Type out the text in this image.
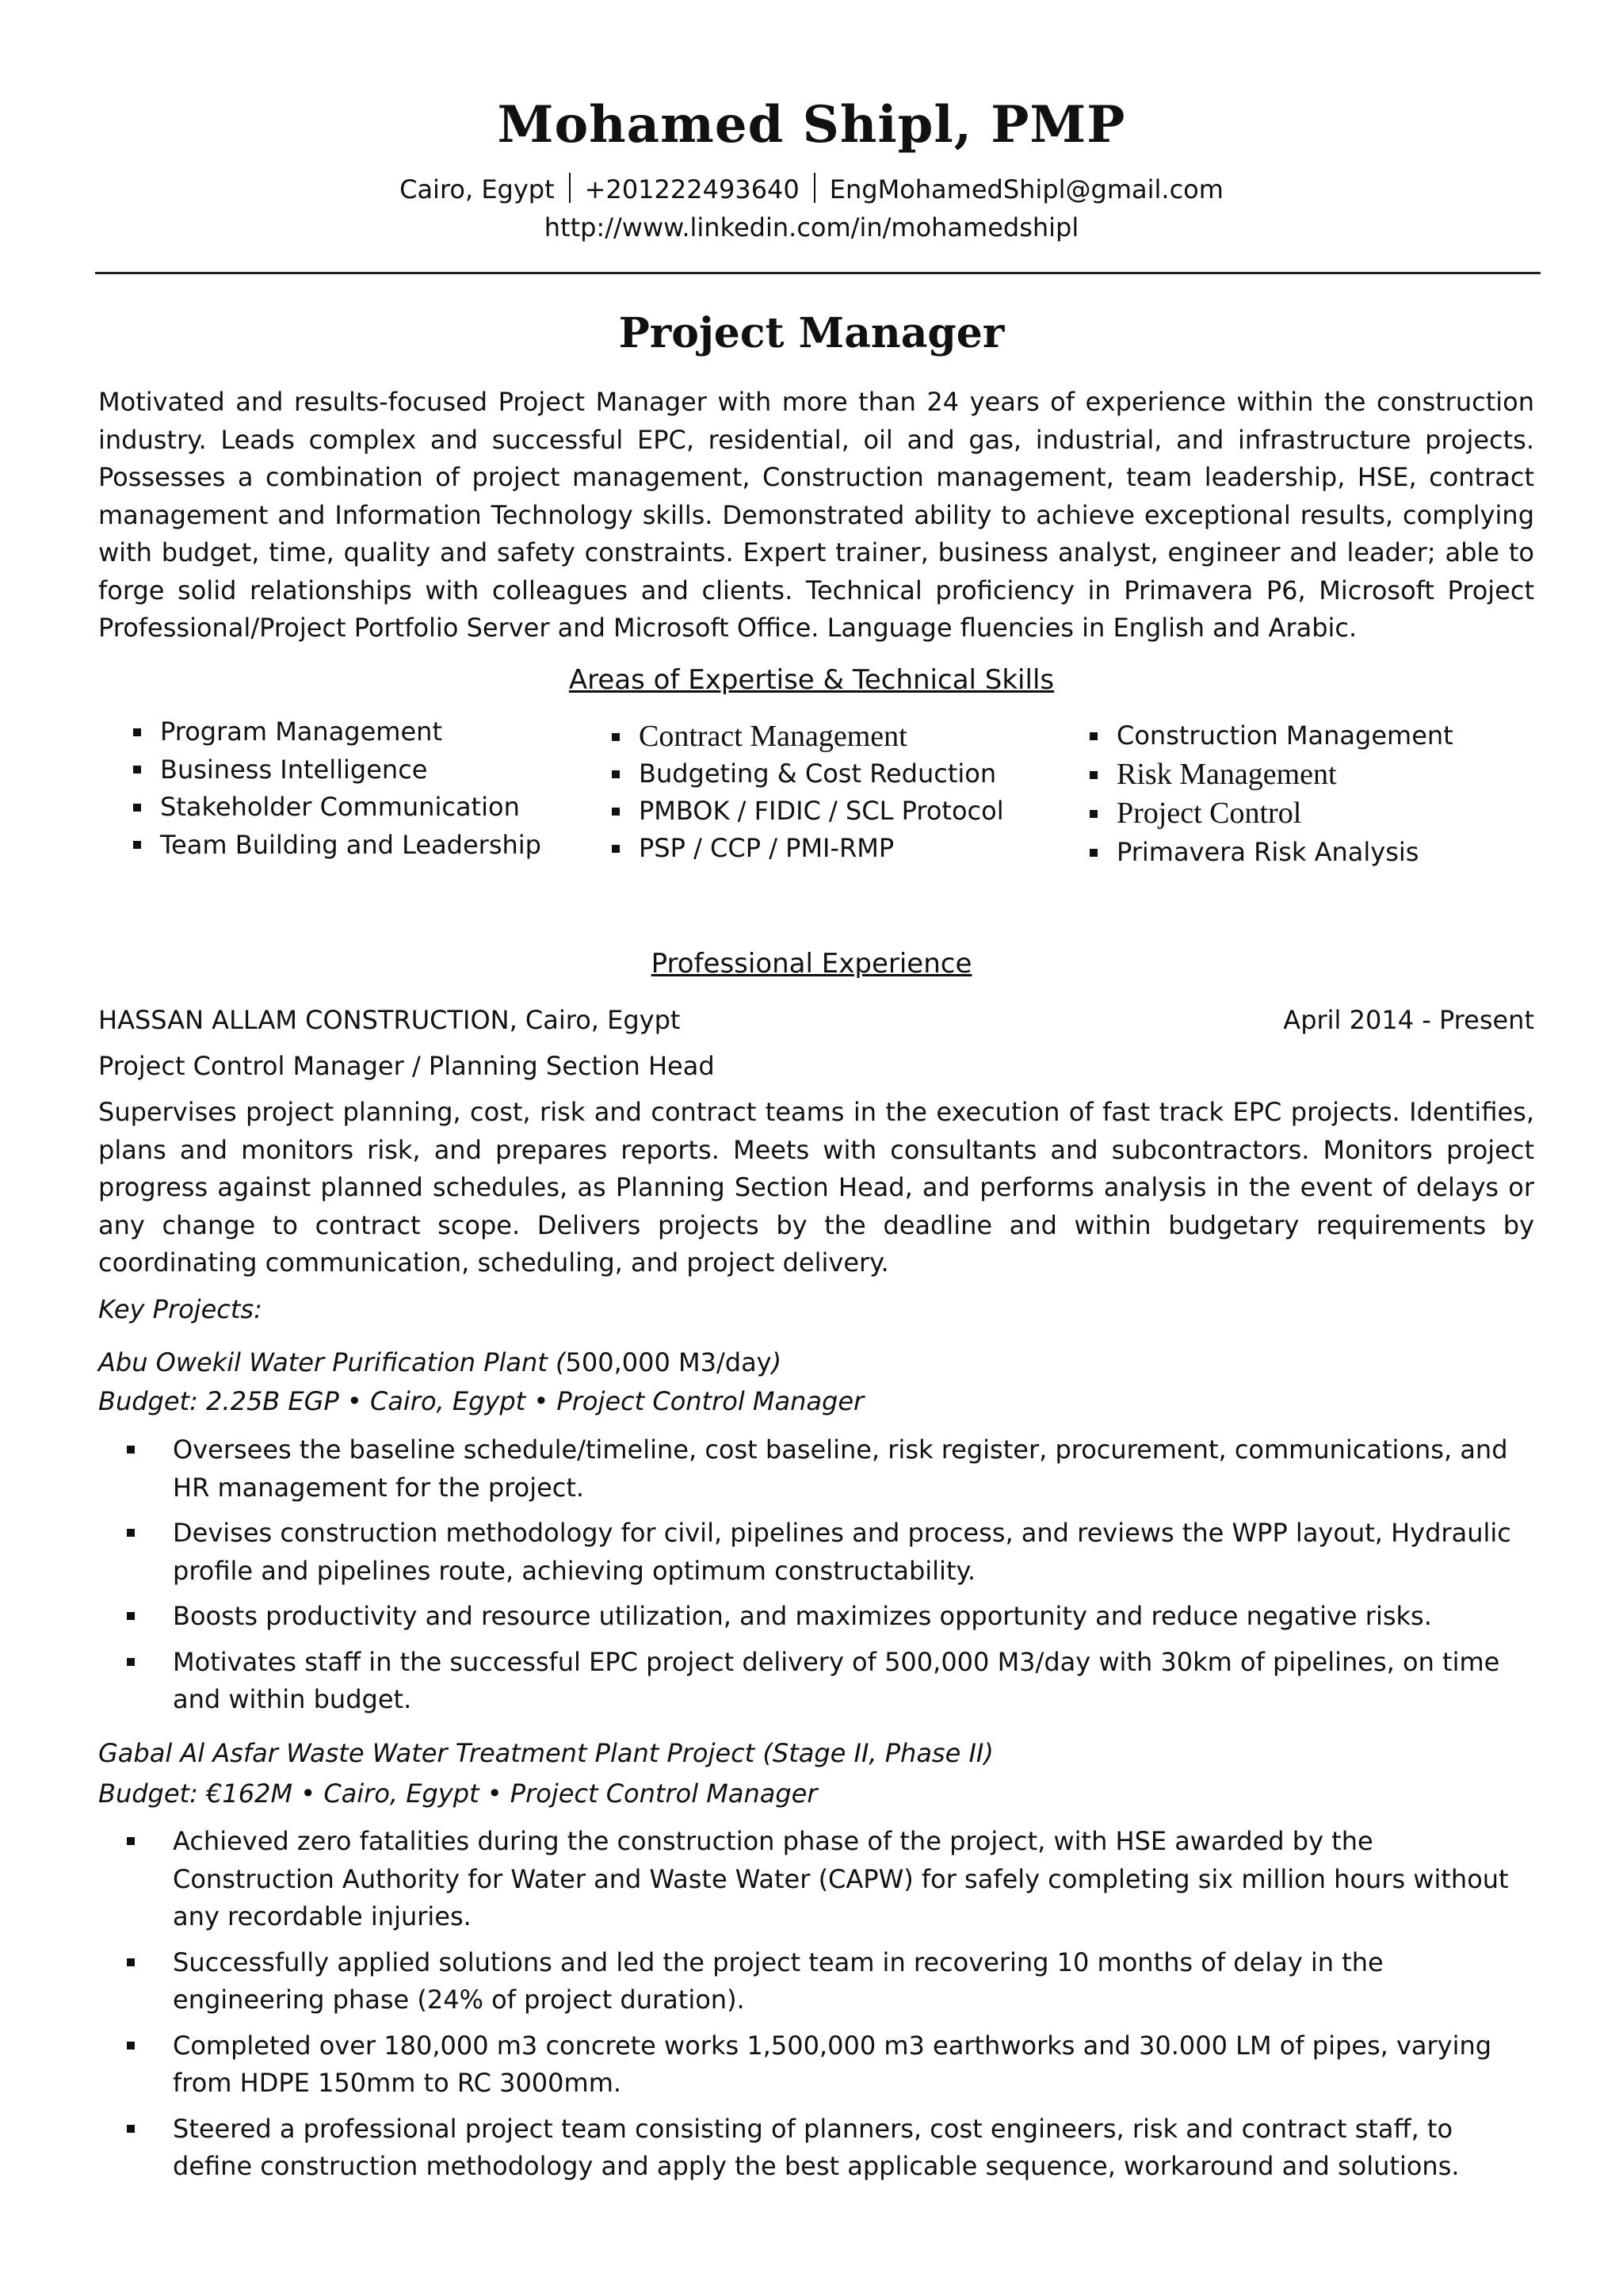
Mohamed Shipl, PMP
Cairo, Egypt +201222493640 EngMohamedShipl@gmail.com
http://www.linkedin.com/in/mohamedshipl
Project Manager

Motivated and results-focused Project Manager with more than 24 years of experience within the construction industry. Leads complex and successful EPC, residential, oil and gas, industrial, and infrastructure projects. Possesses a combination of project management, Construction management, team leadership, HSE, contract management and Information Technology skills. Demonstrated ability to achieve exceptional results, complying with budget, time, quality and safety constraints. Expert trainer, business analyst, engineer and leader; able to forge solid relationships with colleagues and clients. Technical proficiency in Primavera P6, Microsoft Project Professional/Project Portfolio Server and Microsoft Office. Language fluencies in English and Arabic.

Areas of Expertise & Technical Skills
Program Management
Business Intelligence
Stakeholder Communication
Team Building and Leadership
Contract Management
Budgeting & Cost Reduction
PMBOK / FIDIC / SCL Protocol
PSP / CCP / PMI-RMP
Construction Management
Risk Management
Project Control
Primavera Risk Analysis
Professional Experience
HASSAN ALLAM CONSTRUCTION, Cairo, Egypt	April 2014 - Present
Project Control Manager / Planning Section Head

Supervises project planning, cost, risk and contract teams in the execution of fast track EPC projects. Identifies, plans and monitors risk, and prepares reports. Meets with consultants and subcontractors. Monitors project progress against planned schedules, as Planning Section Head, and performs analysis in the event of delays or any change to contract scope. Delivers projects by the deadline and within budgetary requirements by coordinating communication, scheduling, and project delivery.

Key Projects:
Abu Owekil Water Purification Plant (500,000 M3/day)
Budget: 2.25B EGP • Cairo, Egypt • Project Control Manager
Oversees the baseline schedule/timeline, cost baseline, risk register, procurement, communications, and HR management for the project.
Devises construction methodology for civil, pipelines and process, and reviews the WPP layout, Hydraulic profile and pipelines route, achieving optimum constructability.
Boosts productivity and resource utilization, and maximizes opportunity and reduce negative risks.
Motivates staff in the successful EPC project delivery of 500,000 M3/day with 30km of pipelines, on time and within budget.
Gabal Al Asfar Waste Water Treatment Plant Project (Stage II, Phase II)
Budget: €162M • Cairo, Egypt • Project Control Manager
Achieved zero fatalities during the construction phase of the project, with HSE awarded by the Construction Authority for Water and Waste Water (CAPW) for safely completing six million hours without any recordable injuries.
Successfully applied solutions and led the project team in recovering 10 months of delay in the engineering phase (24% of project duration).
Completed over 180,000 m3 concrete works 1,500,000 m3 earthworks and 30.000 LM of pipes, varying from HDPE 150mm to RC 3000mm.
Steered a professional project team consisting of planners, cost engineers, risk and contract staff, to define construction methodology and apply the best applicable sequence, workaround and solutions.
